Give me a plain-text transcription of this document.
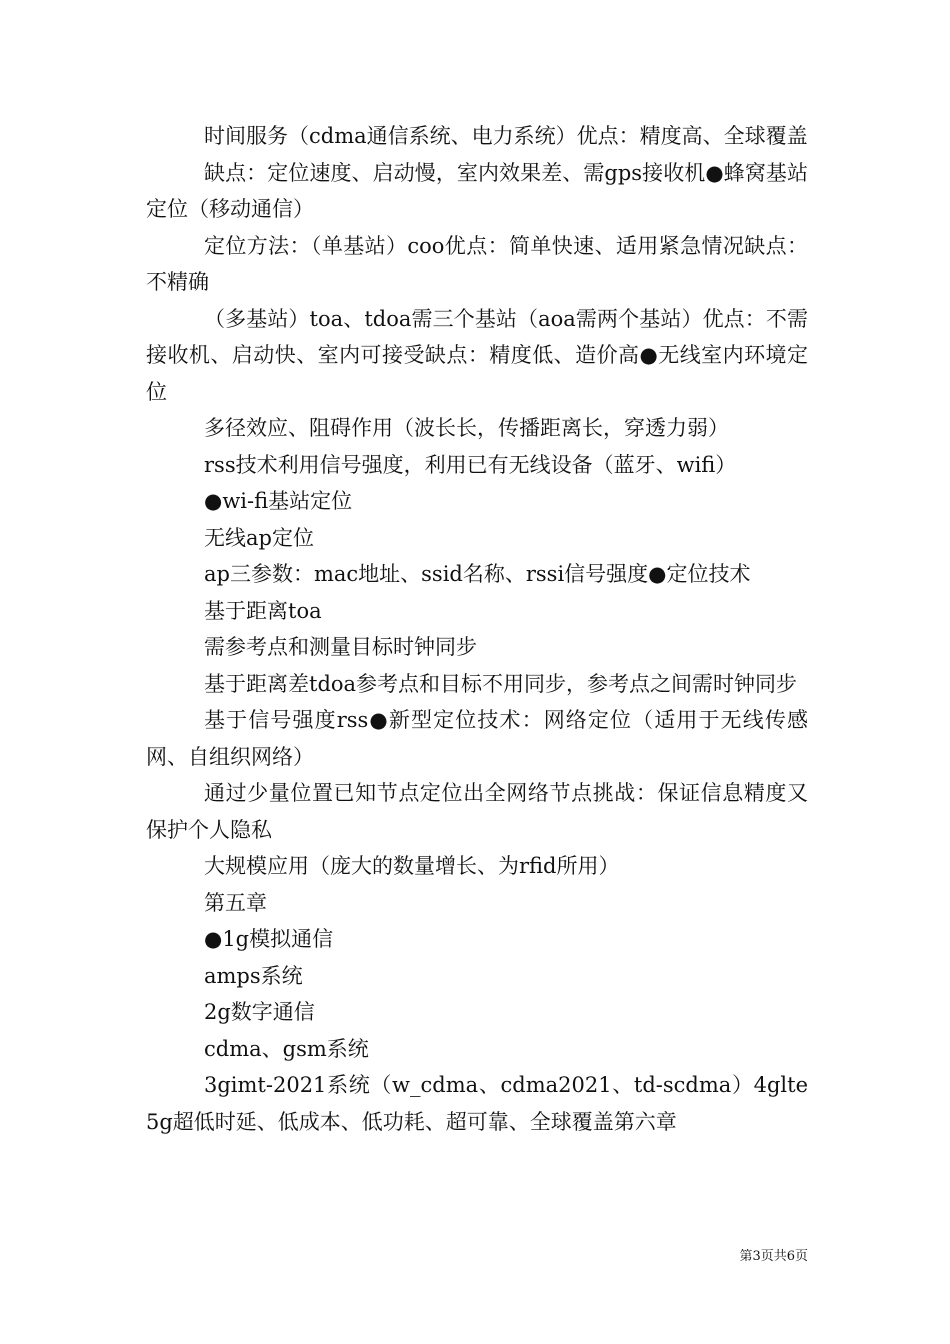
时间服务（cdma通信系统、电力系统）优点：精度高、全球覆盖

缺点：定位速度、启动慢，室内效果差、需gps接收机●蜂窝基站定位（移动通信）

定位方法：（单基站）coo优点：简单快速、适用紧急情况缺点：不精确

（多基站）toa、tdoa需三个基站（aoa需两个基站）优点：不需接收机、启动快、室内可接受缺点：精度低、造价高●无线室内环境定位

多径效应、阻碍作用（波长长，传播距离长，穿透力弱）

rss技术利用信号强度，利用已有无线设备（蓝牙、wifi）

●wi-fi基站定位

无线ap定位

ap三参数：mac地址、ssid名称、rssi信号强度●定位技术

基于距离toa

需参考点和测量目标时钟同步

基于距离差tdoa参考点和目标不用同步，参考点之间需时钟同步

基于信号强度rss●新型定位技术：网络定位（适用于无线传感网、自组织网络）

通过少量位置已知节点定位出全网络节点挑战：保证信息精度又保护个人隐私

大规模应用（庞大的数量增长、为rfid所用）

第五章

●1g模拟通信

amps系统

2g数字通信

cdma、gsm系统

3gimt-2021系统（w_cdma、cdma2021、td-scdma）4glte5g超低时延、低成本、低功耗、超可靠、全球覆盖第六章

第3页共6页
